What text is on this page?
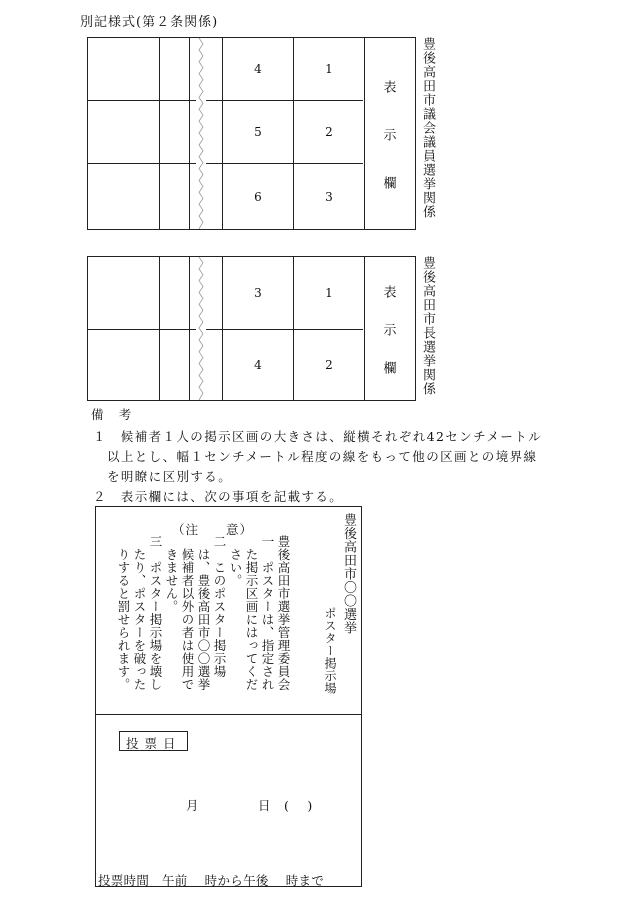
別記様式(第２条関係)
4	1
5	2
6	3
表
示
欄 豊後高田市議会議員選挙関係
3	1
4	2
表
示
欄 豊後高田市長選挙関係
備　考
１　候補者１人の掲示区画の大きさは、縦横それぞれ42センチメートル
以上とし、幅１センチメートル程度の線をもって他の区画との境界線
を明瞭に区別する。
２　表示欄には、次の事項を記載する。
豊後高田市〇〇選挙
ポスター掲示場
豊後高田市選挙管理委員会
一　ポスターは、指定され
　た掲示区画にはってくだ
　さい。
二　このポスター掲示場
　は、豊後高田市〇〇選挙
　候補者以外の者は使用で
　きません。
三　ポスター掲示場を壊し
　たり、ポスターを破った
　りすると罰せられます。
（注　　意）
投 票 日
月	日 (　)
投票時間　午前　 時から午後　 時まで
